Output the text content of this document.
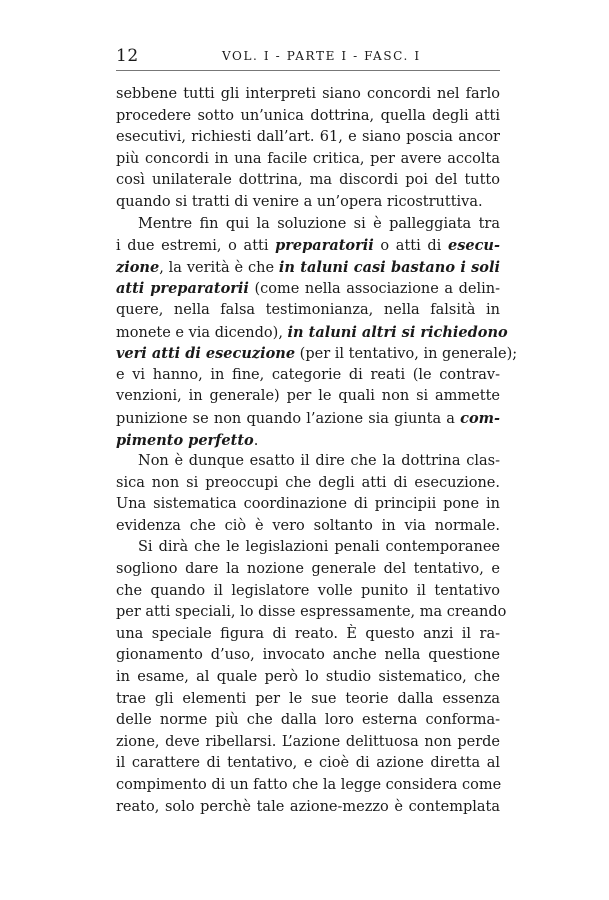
12	VOL. I - PARTE I - FASC. I
sebbene tutti gli interpreti siano concordi nel farlo
procedere sotto un’unica dottrina, quella degli atti
esecutivi, richiesti dall’art. 61, e siano poscia ancor
più concordi in una facile critica, per avere accolta
così unilaterale dottrina, ma discordi poi del tutto
quando si tratti di venire a un’opera ricostruttiva.
Mentre fin qui la soluzione si è palleggiata tra
i due estremi, o atti preparatorii o atti di esecu-
zione, la verità è che in taluni casi bastano i soli
atti preparatorii (come nella associazione a delin-
quere, nella falsa testimonianza, nella falsità in
monete e via dicendo), in taluni altri si richiedono
veri atti di esecuzione (per il tentativo, in generale);
e vi hanno, in fine, categorie di reati (le contrav-
venzioni, in generale) per le quali non si ammette
punizione se non quando l’azione sia giunta a com-
pimento perfetto.
Non è dunque esatto il dire che la dottrina clas-
sica non si preoccupi che degli atti di esecuzione.
Una sistematica coordinazione di principii pone in
evidenza che ciò è vero soltanto in via normale.
Si dirà che le legislazioni penali contemporanee
sogliono dare la nozione generale del tentativo, e
che quando il legislatore volle punito il tentativo
per atti speciali, lo disse espressamente, ma creando
una speciale figura di reato. È questo anzi il ra-
gionamento d’uso, invocato anche nella questione
in esame, al quale però lo studio sistematico, che
trae gli elementi per le sue teorie dalla essenza
delle norme più che dalla loro esterna conforma-
zione, deve ribellarsi. L’azione delittuosa non perde
il carattere di tentativo, e cioè di azione diretta al
compimento di un fatto che la legge considera come
reato, solo perchè tale azione-mezzo è contemplata
